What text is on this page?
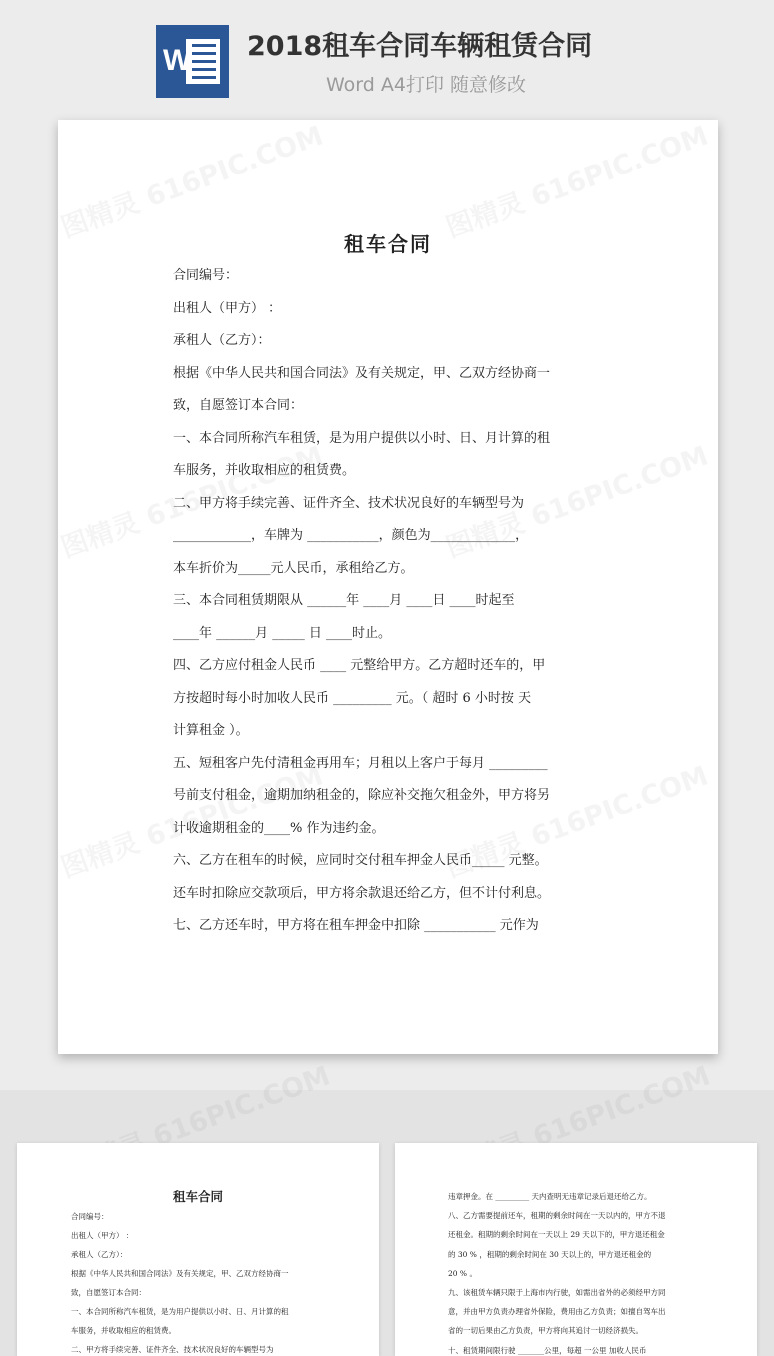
W 2018租车合同车辆租赁合同
Word A4打印 随意修改
租车合同
合同编号：
出租人（甲方） ：
承租人（乙方）：
根据《中华人民共和国合同法》及有关规定，甲、乙双方经协商一
致，自愿签订本合同：
一、本合同所称汽车租赁，是为用户提供以小时、日、月计算的租
车服务，并收取相应的租赁费。
二、甲方将手续完善、证件齐全、技术状况良好的车辆型号为
____________，车牌为 ___________，颜色为_____________，
本车折价为_____元人民币，承租给乙方。
三、本合同租赁期限从 ______年 ____月 ____日 ____时起至
____年 ______月 _____ 日 ____时止。
四、乙方应付租金人民币 ____ 元整给甲方。乙方超时还车的，甲
方按超时每小时加收人民币 _________ 元。（ 超时 6 小时按 天
计算租金 ）。
五、短租客户先付清租金再用车；月租以上客户于每月 _________
号前支付租金，逾期加纳租金的，除应补交拖欠租金外，甲方将另
计收逾期租金的____% 作为违约金。
六、乙方在租车的时候，应同时交付租车押金人民币_____ 元整。
还车时扣除应交款项后，甲方将余款退还给乙方，但不计付利息。
七、乙方还车时，甲方将在租车押金中扣除 ___________ 元作为
租车合同
合同编号：
出租人（甲方） ：
承租人（乙方）：
根据《中华人民共和国合同法》及有关规定，甲、乙双方经协商一
致，自愿签订本合同：
一、本合同所称汽车租赁，是为用户提供以小时、日、月计算的租
车服务，并收取相应的租赁费。
二、甲方将手续完善、证件齐全、技术状况良好的车辆型号为
违章押金。在 _________ 天内查明无违章记录后退还给乙方。
八、乙方需要提前还车，租期的剩余时间在一天以内的，甲方不退
还租金。租期的剩余时间在一天以上 29 天以下的，甲方退还租金
的 30 % ，租期的剩余时间在 30 天以上的，甲方退还租金的
20 % 。
九、该租赁车辆只限于上海市内行驶，如需出省外的必须经甲方同
意，并由甲方负责办理省外保险，费用由乙方负责；如擅自驾车出
省的一切后果由乙方负责，甲方将向其追讨一切经济损失。
十、租赁期间限行驶 _______公里，每超 一公里 加收人民币
